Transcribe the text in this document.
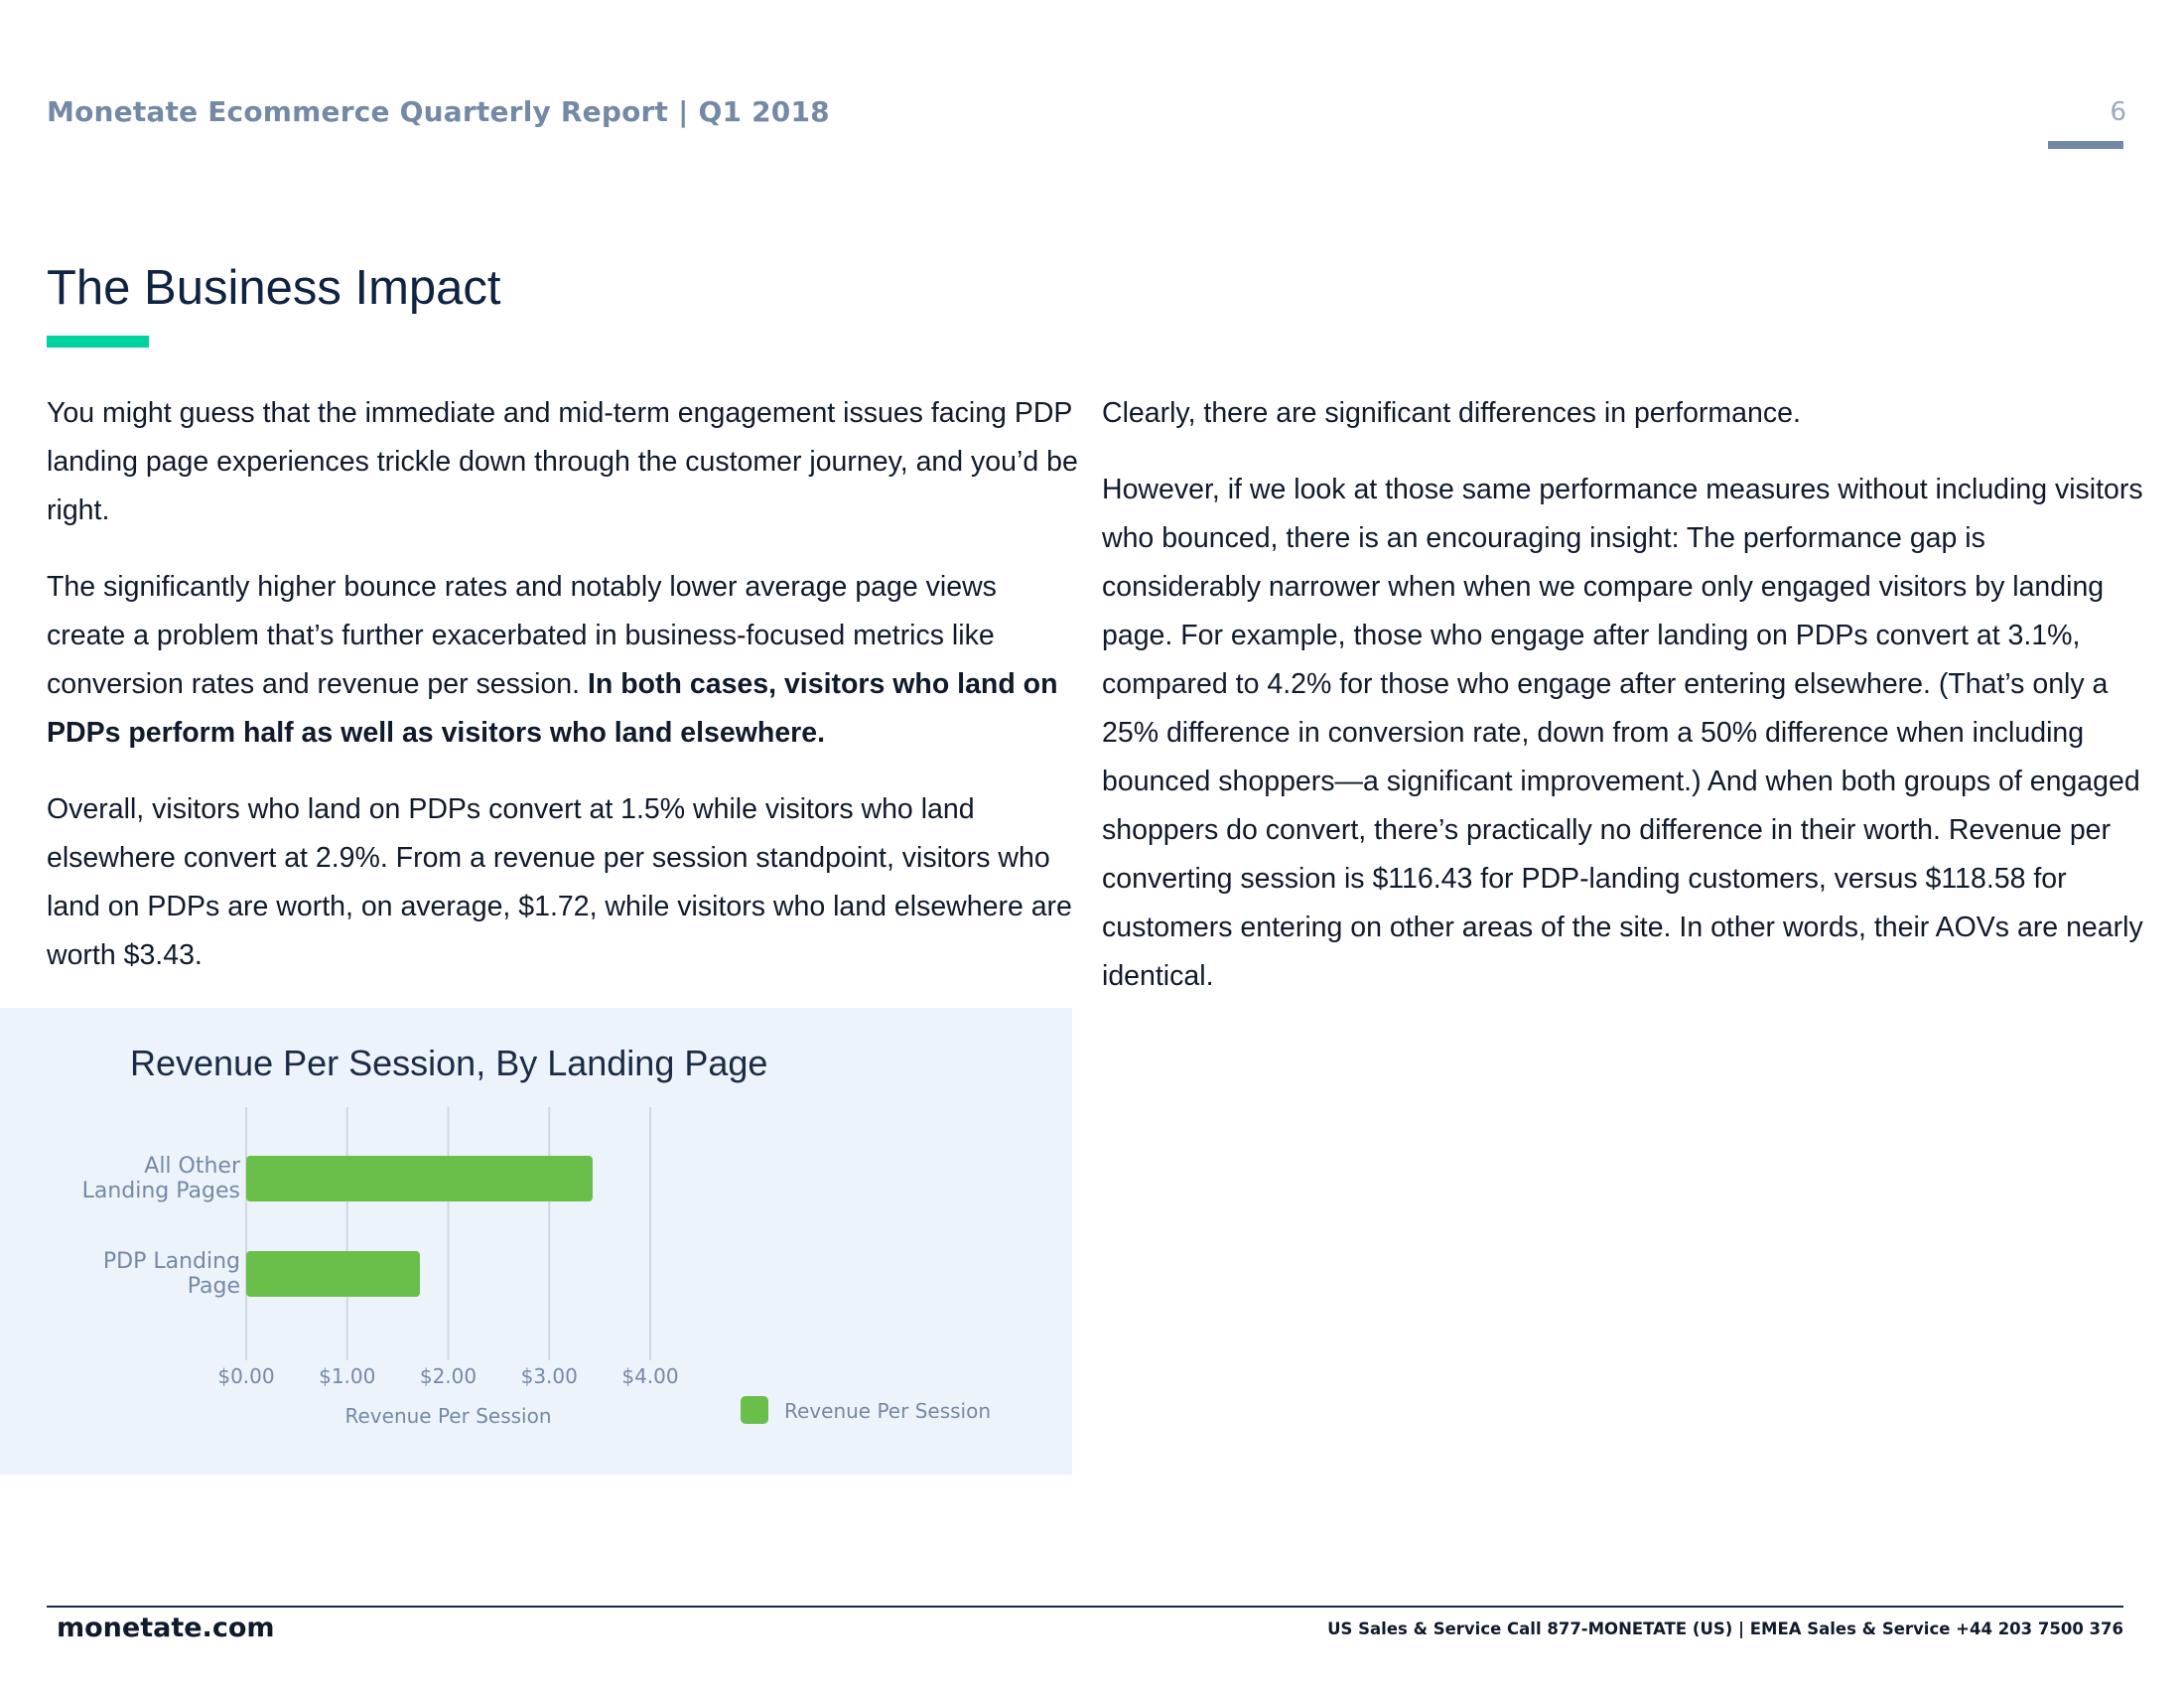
Monetate Ecommerce Quarterly Report | Q1 2018	6
The Business Impact

You might guess that the immediate and mid-term engagement issues facing PDP landing page experiences trickle down through the customer journey, and you’d be right.

The significantly higher bounce rates and notably lower average page views create a problem that’s further exacerbated in business-focused metrics like conversion rates and revenue per session. In both cases, visitors who land on PDPs perform half as well as visitors who land elsewhere.

Overall, visitors who land on PDPs convert at 1.5% while visitors who land elsewhere convert at 2.9%. From a revenue per session standpoint, visitors who land on PDPs are worth, on average, $1.72, while visitors who land elsewhere are worth $3.43.

Clearly, there are significant differences in performance.

However, if we look at those same performance measures without including visitors who bounced, there is an encouraging insight: The performance gap is considerably narrower when when we compare only engaged visitors by landing page. For example, those who engage after landing on PDPs convert at 3.1%, compared to 4.2% for those who engage after entering elsewhere. (That’s only a 25% difference in conversion rate, down from a 50% difference when including bounced shoppers—a significant improvement.) And when both groups of engaged shoppers do convert, there’s practically no difference in their worth. Revenue per converting session is $116.43 for PDP-landing customers, versus $118.58 for customers entering on other areas of the site. In other words, their AOVs are nearly identical.

Revenue Per Session, By Landing Page
$0.00 $1.00 $2.00 $3.00 $4.00
All Other
Landing Pages
PDP Landing
Page
Revenue Per Session	Revenue Per Session
monetate.com	US Sales & Service Call 877-MONETATE (US) | EMEA Sales & Service +44 203 7500 376
